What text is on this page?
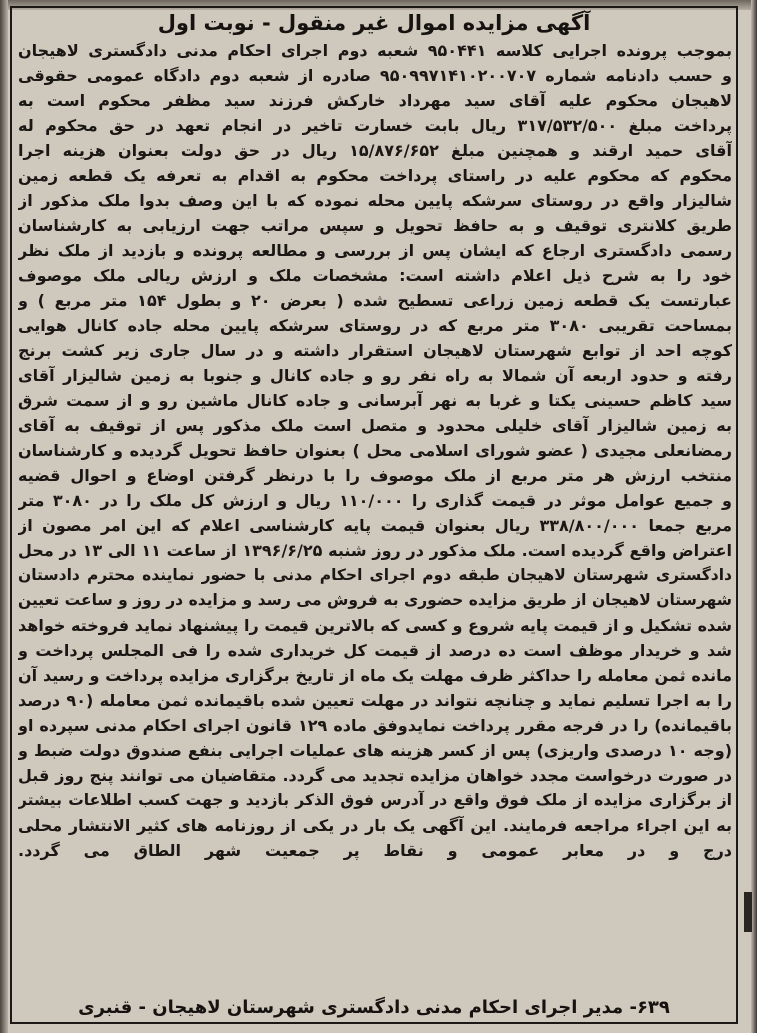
آگهی مزایده اموال غیر منقول - نوبت اول
بموجب پرونده اجرایی کلاسه ۹۵۰۴۴۱ شعبه دوم اجرای احکام مدنی دادگستری لاهیجان
و حسب دادنامه شماره ۹۵۰۹۹۷۱۴۱۰۲۰۰۷۰۷ صادره از شعبه دوم دادگاه عمومی حقوقی
لاهیجان محکوم علیه آقای سید مهرداد خارکش فرزند سید مظفر محکوم است به
پرداخت مبلغ ۳۱۷/۵۳۲/۵۰۰ ریال بابت خسارت تاخیر در انجام تعهد در حق محکوم له
آقای حمید ارقند و همچنین مبلغ ۱۵/۸۷۶/۶۵۲ ریال در حق دولت بعنوان هزینه اجرا
محکوم که محکوم علیه در راستای پرداخت محکوم به اقدام به تعرفه یک قطعه زمین
شالیزار واقع در روستای سرشکه پایین محله نموده که با این وصف بدوا ملک مذکور از
طریق کلانتری توقیف و به حافظ تحویل و سپس مراتب جهت ارزیابی به کارشناسان
رسمی دادگستری ارجاع که ایشان پس از بررسی و مطالعه پرونده و بازدید از ملک نظر
خود را به شرح ذیل اعلام داشته است: مشخصات ملک و ارزش ریالی ملک موصوف
عبارتست یک قطعه زمین زراعی تسطیح شده ( بعرض ۲۰ و بطول ۱۵۴ متر مربع ) و
بمساحت تقریبی ۳۰۸۰ متر مربع که در روستای سرشکه پایین محله جاده کانال هوایی
کوچه احد از توابع شهرستان لاهیجان استقرار داشته و در سال جاری زیر کشت برنج
رفته و حدود اربعه آن شمالا به راه نفر رو و جاده کانال و جنوبا به زمین شالیزار آقای
سید کاظم حسینی یکتا و غربا به نهر آبرسانی و جاده کانال ماشین رو و از سمت شرق
به زمین شالیزار آقای خلیلی محدود و متصل است ملک مذکور پس از توقیف به آقای
رمضانعلی مجیدی ( عضو شورای اسلامی محل ) بعنوان حافظ تحویل گردیده و کارشناسان
منتخب ارزش هر متر مربع از ملک موصوف را با درنظر گرفتن اوضاع و احوال قضیه
و جمیع عوامل موثر در قیمت گذاری را ۱۱۰/۰۰۰ ریال و ارزش کل ملک را در ۳۰۸۰ متر
مربع جمعا ۳۳۸/۸۰۰/۰۰۰ ریال بعنوان قیمت پایه کارشناسی اعلام که این امر مصون از
اعتراض واقع گردیده است. ملک مذکور در روز شنبه ۱۳۹۶/۶/۲۵ از ساعت ۱۱ الی ۱۳ در محل
دادگستری شهرستان لاهیجان طبقه دوم اجرای احکام مدنی با حضور نماینده محترم دادستان
شهرستان لاهیجان از طریق مزایده حضوری به فروش می رسد و مزایده در روز و ساعت تعیین
شده تشکیل و از قیمت پایه شروع و کسی که بالاترین قیمت را پیشنهاد نماید فروخته خواهد
شد و خریدار موظف است ده درصد از قیمت کل خریداری شده را فی المجلس پرداخت و
مانده ثمن معامله را حداکثر ظرف مهلت یک ماه از تاریخ برگزاری مزایده پرداخت و رسید آن
را به اجرا تسلیم نماید و چنانچه نتواند در مهلت تعیین شده باقیمانده ثمن معامله (۹۰ درصد
باقیمانده) را در فرجه مقرر پرداخت نمایدوفق ماده ۱۲۹ قانون اجرای احکام مدنی سپرده او
(وجه ۱۰ درصدی واریزی) پس از کسر هزینه های عملیات اجرایی بنفع صندوق دولت ضبط و
در صورت درخواست مجدد خواهان مزایده تجدید می گردد. متقاضیان می توانند پنج روز قبل
از برگزاری مزایده از ملک فوق واقع در آدرس فوق الذکر بازدید و جهت کسب اطلاعات بیشتر
به این اجراء مراجعه فرمایند. این آگهی یک بار در یکی از روزنامه های کثیر الانتشار محلی
درج و در معابر عمومی و نقاط پر جمعیت شهر الطاق می گردد.
۶۳۹- مدیر اجرای احکام مدنی دادگستری شهرستان لاهیجان - قنبری
